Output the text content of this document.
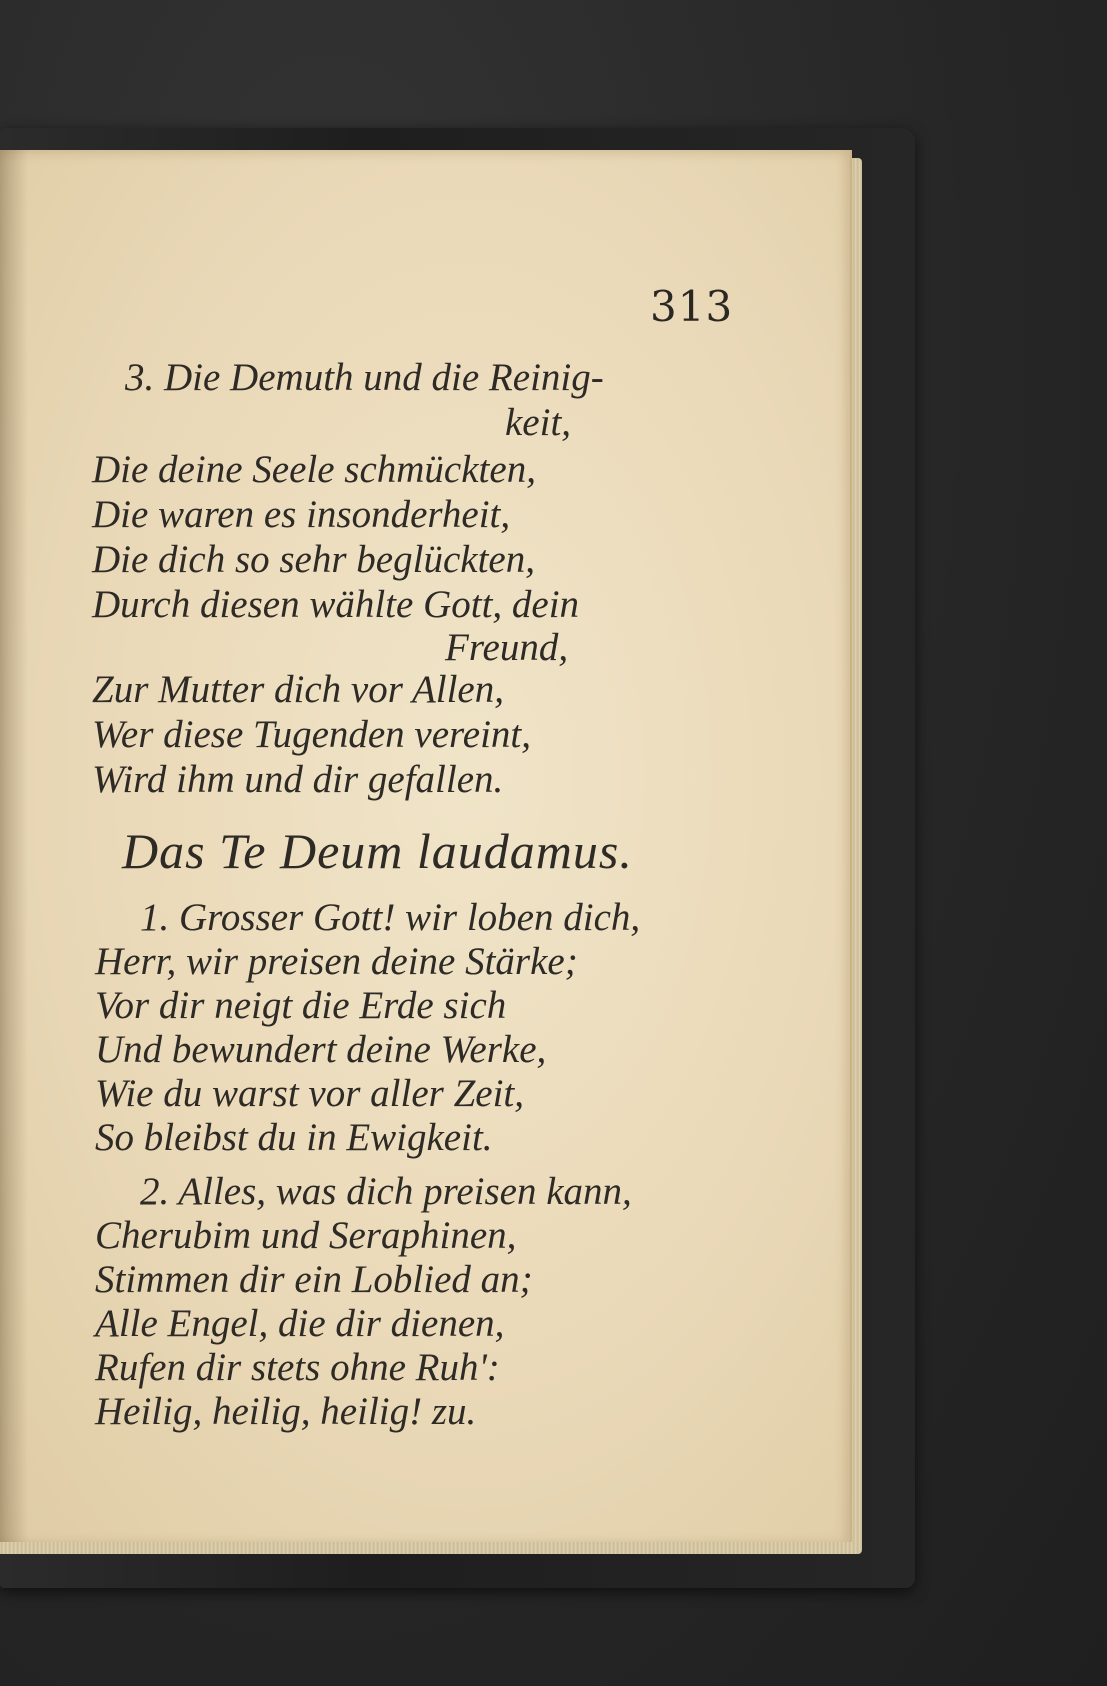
313
3. Die Demuth und die Reinig-
keit,
Die deine Seele schmückten,
Die waren es insonderheit,
Die dich so sehr beglückten,
Durch diesen wählte Gott, dein
Freund,
Zur Mutter dich vor Allen,
Wer diese Tugenden vereint,
Wird ihm und dir gefallen.
Das Te Deum laudamus.
1. Grosser Gott! wir loben dich,
Herr, wir preisen deine Stärke;
Vor dir neigt die Erde sich
Und bewundert deine Werke,
Wie du warst vor aller Zeit,
So bleibst du in Ewigkeit.
2. Alles, was dich preisen kann,
Cherubim und Seraphinen,
Stimmen dir ein Loblied an;
Alle Engel, die dir dienen,
Rufen dir stets ohne Ruh':
Heilig, heilig, heilig! zu.
